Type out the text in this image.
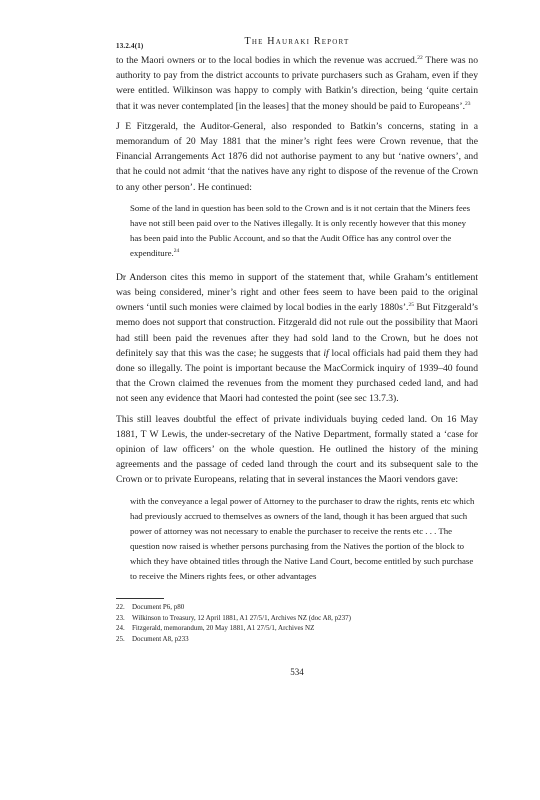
13.2.4(1)	The Hauraki Report

to the Maori owners or to the local bodies in which the revenue was accrued.$^{22}$ There was no authority to pay from the district accounts to private purchasers such as Graham, even if they were entitled. Wilkinson was happy to comply with Batkin’s direction, being ‘quite certain that it was never contemplated [in the leases] that the money should be paid to Europeans’.$^{23}$

J E Fitzgerald, the Auditor-General, also responded to Batkin’s concerns, stating in a memorandum of 20 May 1881 that the miner’s right fees were Crown revenue, that the Financial Arrangements Act 1876 did not authorise payment to any but ‘native owners’, and that he could not admit ‘that the natives have any right to dispose of the revenue of the Crown to any other person’. He continued:

Some of the land in question has been sold to the Crown and is it not certain that the Miners fees have not still been paid over to the Natives illegally. It is only recently however that this money has been paid into the Public Account, and so that the Audit Office has any control over the expenditure.$^{24}$

Dr Anderson cites this memo in support of the statement that, while Graham’s entitlement was being considered, miner’s right and other fees seem to have been paid to the original owners ‘until such monies were claimed by local bodies in the early 1880s’.$^{25}$ But Fitzgerald’s memo does not support that construction. Fitzgerald did not rule out the possibility that Maori had still been paid the revenues after they had sold land to the Crown, but he does not definitely say that this was the case; he suggests that if local officials had paid them they had done so illegally. The point is important because the MacCormick inquiry of 1939–40 found that the Crown claimed the revenues from the moment they purchased ceded land, and had not seen any evidence that Maori had contested the point (see sec 13.7.3).

This still leaves doubtful the effect of private individuals buying ceded land. On 16 May 1881, T W Lewis, the under-secretary of the Native Department, formally stated a ‘case for opinion of law officers’ on the whole question. He outlined the history of the mining agreements and the passage of ceded land through the court and its subsequent sale to the Crown or to private Europeans, relating that in several instances the Maori vendors gave:

with the conveyance a legal power of Attorney to the purchaser to draw the rights, rents etc which had previously accrued to themselves as owners of the land, though it has been argued that such power of attorney was not necessary to enable the purchaser to receive the rents etc . . . The question now raised is whether persons purchasing from the Natives the portion of the block to which they have obtained titles through the Native Land Court, become entitled by such purchase to receive the Miners rights fees, or other advantages
22.	Document P6, p80
23.	Wilkinson to Treasury, 12 April 1881, A1 27/5/1, Archives NZ (doc A8, p237)
24.	Fitzgerald, memorandum, 20 May 1881, A1 27/5/1, Archives NZ
25.	Document A8, p233
534
